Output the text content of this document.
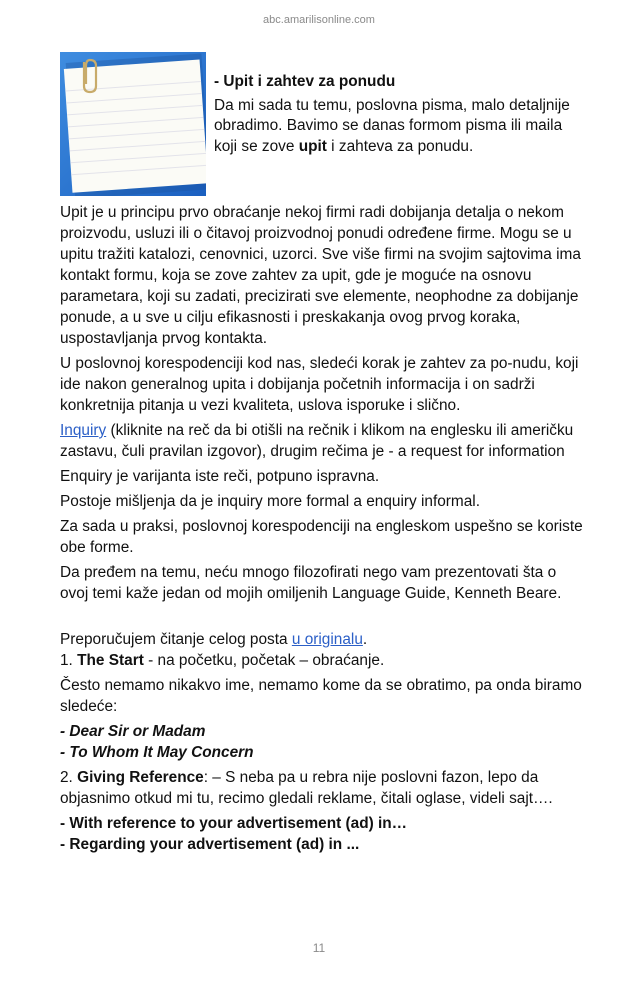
abc.amarilisonline.com

- Upit i zahtev za ponudu

Da mi sada tu temu, poslovna pisma, malo detaljnije obradimo. Bavimo se danas formom pisma ili maila koji se zove upit i zahteva za ponudu.

Upit je u principu prvo obraćanje nekoj firmi radi dobijanja detalja o nekom proizvodu, usluzi ili o čitavoj proizvodnoj ponudi određene firme. Mogu se u upitu tražiti katalozi, cenovnici, uzorci. Sve više firmi na svojim sajtovima ima kontakt formu, koja se zove zahtev za upit, gde je moguće na osnovu parametara, koji su zadati, precizirati sve elemente, neophodne za dobijanje ponude, a u sve u cilju efikasnosti i preskakanja ovog prvog koraka, uspostavljanja prvog kontakta.

U poslovnoj korespodenciji kod nas, sledeći korak je zahtev za po-nudu, koji ide nakon generalnog upita i dobijanja početnih informacija i on sadrži konkretnija pitanja u vezi kvaliteta, uslova isporuke i slično.

Inquiry (kliknite na reč da bi otišli na rečnik i klikom na englesku ili američku zastavu, čuli pravilan izgovor), drugim rečima je - a request for information

Enquiry je varijanta iste reči, potpuno ispravna.

Postoje mišljenja da je inquiry more formal a enquiry informal.

Za sada u praksi, poslovnoj korespodenciji na engleskom uspešno se koriste obe forme.

Da pređem na temu, neću mnogo filozofirati nego vam prezentovati šta o ovoj temi kaže jedan od mojih omiljenih Language Guide, Kenneth Beare.

Preporučujem čitanje celog posta u originalu.

1. The Start - na početku, početak – obraćanje.

Često nemamo nikakvo ime, nemamo kome da se obratimo, pa onda biramo sledeće:

- Dear Sir or Madam

- To Whom It May Concern

2. Giving Reference: – S neba pa u rebra nije poslovni fazon, lepo da objasnimo otkud mi tu, recimo gledali reklame, čitali oglase, videli sajt….

- With reference to your advertisement (ad) in…

- Regarding your advertisement (ad) in ...

11
